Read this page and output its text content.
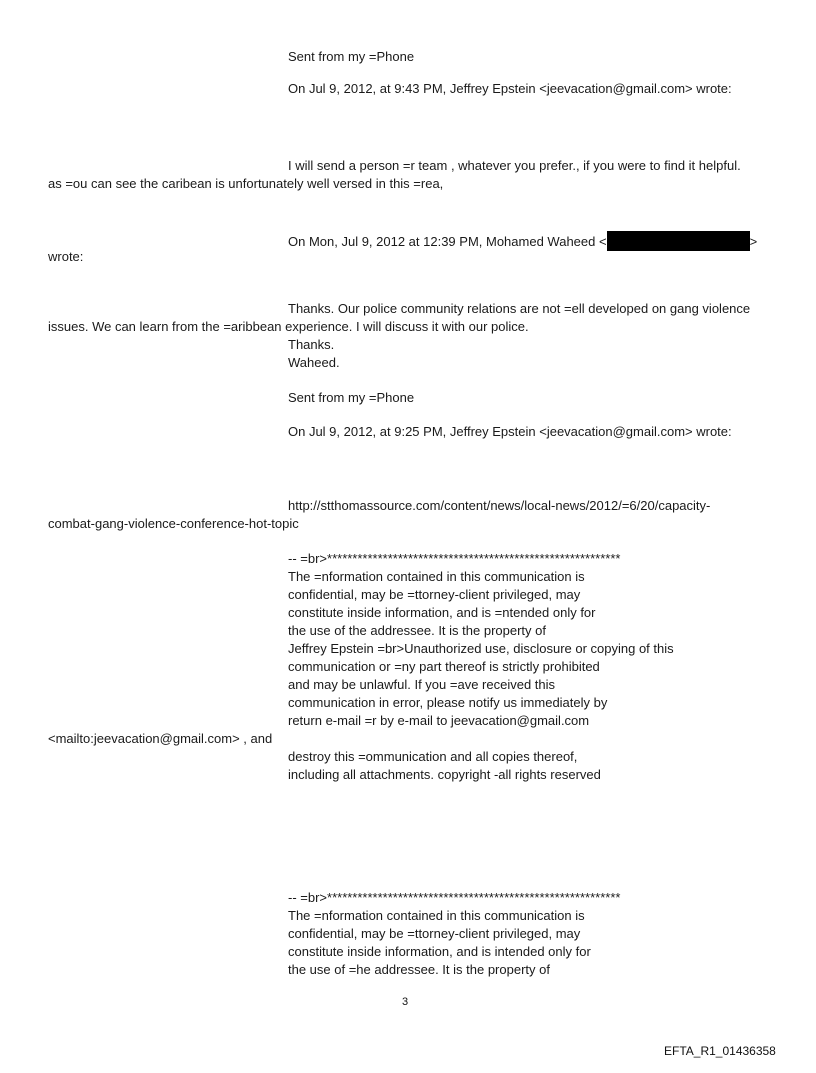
Sent from my =Phone
On Jul 9, 2012, at 9:43 PM, Jeffrey Epstein <jeevacation@gmail.com> wrote:
I will send a person =r team , whatever you prefer., if you were to find it helpful.
as =ou can see the caribean is unfortunately well versed in this =rea,
On Mon, Jul 9, 2012 at 12:39 PM, Mohamed Waheed <	>
wrote:
Thanks. Our police community relations are not =ell developed on gang violence
issues. We can learn from the =aribbean experience. I will discuss it with our police.
Thanks.
Waheed.
Sent from my =Phone
On Jul 9, 2012, at 9:25 PM, Jeffrey Epstein <jeevacation@gmail.com> wrote:
http://stthomassource.com/content/news/local-news/2012/=6/20/capacity-
combat-gang-violence-conference-hot-topic
-- =br>**********************************************************
The =nformation contained in this communication is
confidential, may be =ttorney-client privileged, may
constitute inside information, and is =ntended only for
the use of the addressee. It is the property of
Jeffrey Epstein =br>Unauthorized use, disclosure or copying of this
communication or =ny part thereof is strictly prohibited
and may be unlawful. If you =ave received this
communication in error, please notify us immediately by
return e-mail =r by e-mail to jeevacation@gmail.com
<mailto:jeevacation@gmail.com> , and
destroy this =ommunication and all copies thereof,
including all attachments. copyright -all rights reserved
-- =br>**********************************************************
The =nformation contained in this communication is
confidential, may be =ttorney-client privileged, may
constitute inside information, and is intended only for
the use of =he addressee. It is the property of
3
EFTA_R1_01436358
